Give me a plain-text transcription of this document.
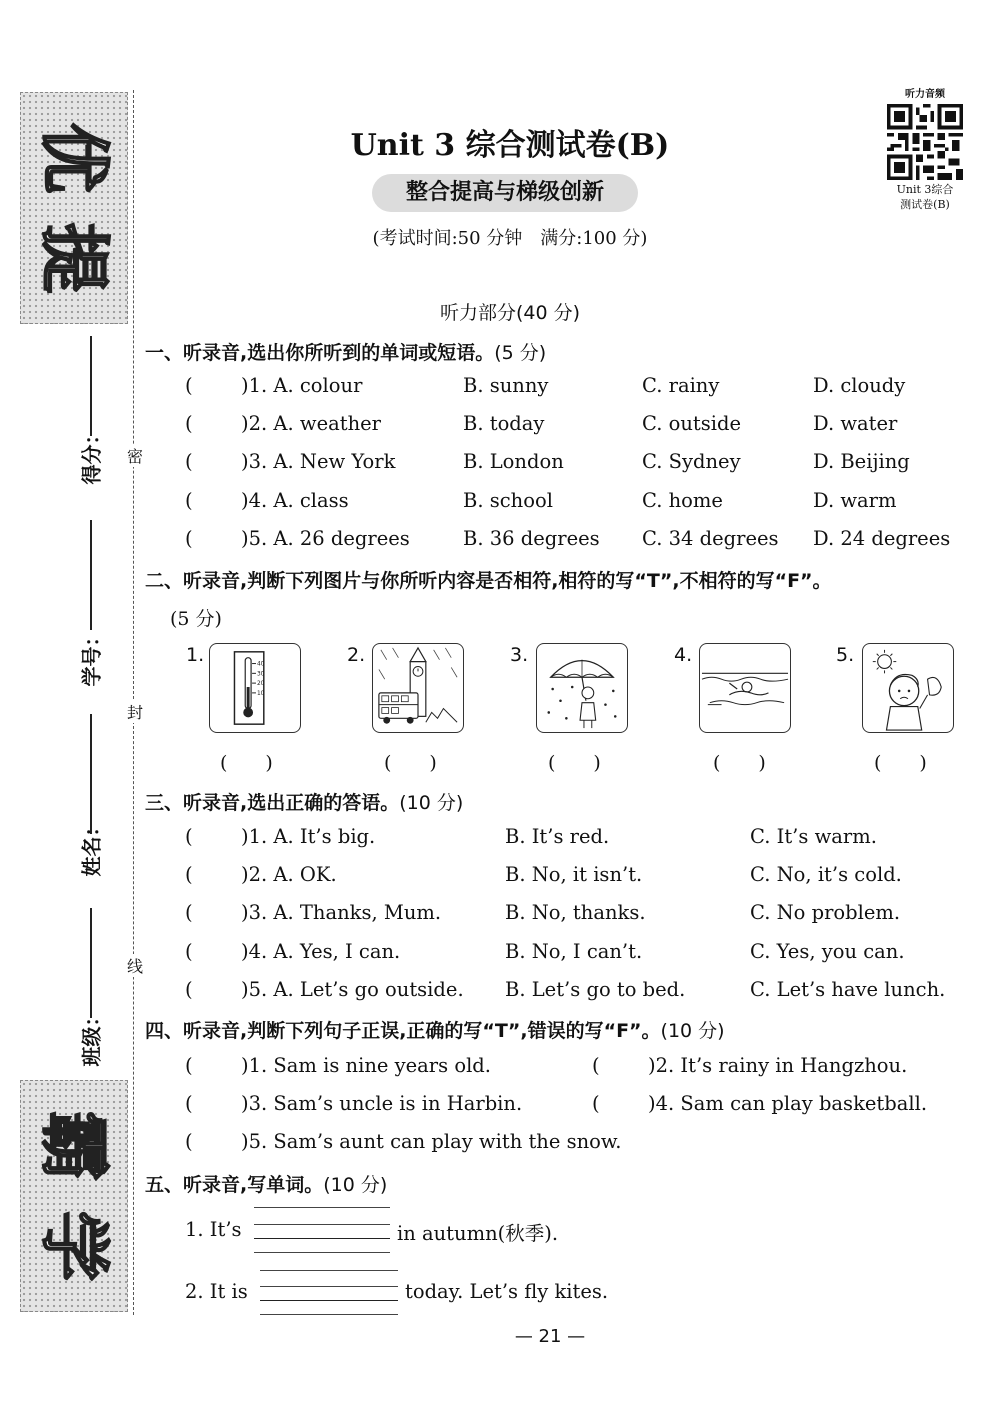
优
提
霸
学
得分：
学号：
姓名：
班级：
密
封
线
Unit 3 综合测试卷(B)
整合提高与梯级创新
(考试时间:50 分钟　满分:100 分)
听力音频
Unit 3综合
测试卷(B)
听力部分(40 分)
一、听录音,选出你所听到的单词或短语。(5 分)
( )1. A. colour	B. sunny	C. rainy	D. cloudy
( )2. A. weather	B. today	C. outside	D. water
( )3. A. New York	B. London	C. Sydney	D. Beijing
( )4. A. class	B. school	C. home	D. warm
( )5. A. 26 degrees	B. 36 degrees C. 34 degrees D. 24 degrees
二、听录音,判断下列图片与你所听内容是否相符,相符的写“T”,不相符的写“F”。
(5 分)
1.	40
30
20
10
(　　)
2.
(　　)
3.
(　　)
4.
(　　)
5.
(　　)
三、听录音,选出正确的答语。(10 分)
( )1. A. It’s big.	B. It’s red.	C. It’s warm.
( )2. A. OK.	B. No, it isn’t.	C. No, it’s cold.
( )3. A. Thanks, Mum.	B. No, thanks.	C. No problem.
( )4. A. Yes, I can.	B. No, I can’t.	C. Yes, you can.
( )5. A. Let’s go outside. B. Let’s go to bed.	C. Let’s have lunch.
四、听录音,判断下列句子正误,正确的写“T”,错误的写“F”。(10 分)
( )1. Sam is nine years old.	( )2. It’s rainy in Hangzhou.
( )3. Sam’s uncle is in Harbin.	( )4. Sam can play basketball.
( )5. Sam’s aunt can play with the snow.
五、听录音,写单词。(10 分)
1. It’s	in autumn(秋季).
2. It is	today. Let’s fly kites.
— 21 —
